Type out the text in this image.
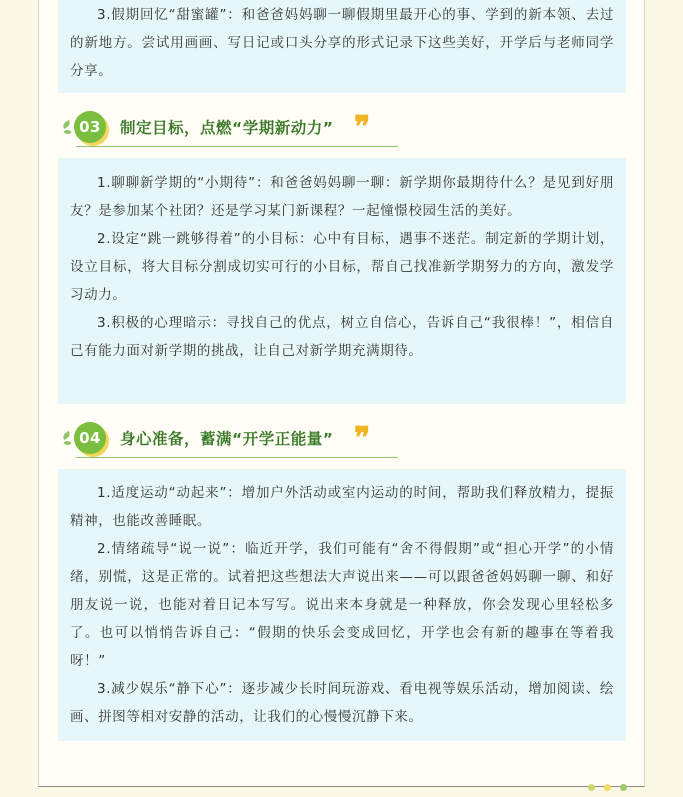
3.假期回忆“甜蜜罐”：和爸爸妈妈聊一聊假期里最开心的事、学到的新本领、去过的新地方。尝试用画画、写日记或口头分享的形式记录下这些美好，开学后与老师同学分享。

03	制定目标，点燃“学期新动力” ❞

1.聊聊新学期的“小期待”：和爸爸妈妈聊一聊：新学期你最期待什么？是见到好朋友？是参加某个社团？还是学习某门新课程？一起憧憬校园生活的美好。

2.设定“跳一跳够得着”的小目标：心中有目标，遇事不迷茫。制定新的学期计划，设立目标，将大目标分割成切实可行的小目标，帮自己找准新学期努力的方向，激发学习动力。

3.积极的心理暗示：寻找自己的优点，树立自信心，告诉自己“我很棒！”，相信自己有能力面对新学期的挑战，让自己对新学期充满期待。

04	身心准备，蓄满“开学正能量” ❞

1.适度运动“动起来”：增加户外活动或室内运动的时间，帮助我们释放精力，提振精神，也能改善睡眠。

2.情绪疏导“说一说”：临近开学，我们可能有“舍不得假期”或“担心开学”的小情绪，别慌，这是正常的。试着把这些想法大声说出来——可以跟爸爸妈妈聊一聊、和好朋友说一说，也能对着日记本写写。说出来本身就是一种释放，你会发现心里轻松多了。也可以悄悄告诉自己：“假期的快乐会变成回忆，开学也会有新的趣事在等着我呀！”

3.减少娱乐“静下心”：逐步减少长时间玩游戏、看电视等娱乐活动，增加阅读、绘画、拼图等相对安静的活动，让我们的心慢慢沉静下来。
